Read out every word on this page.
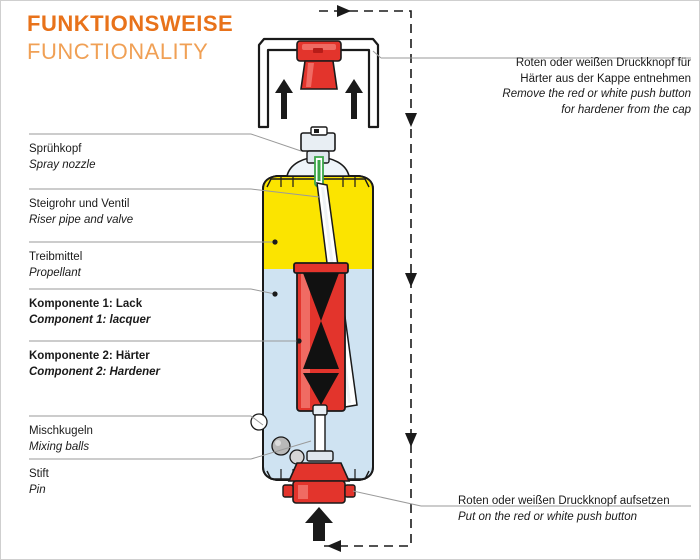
FUNKTIONSWEISE
FUNCTIONALITY
Sprühkopf
Spray nozzle
Steigrohr und Ventil
Riser pipe and valve
Treibmittel
Propellant
Komponente 1: Lack
Component 1: lacquer
Komponente 2: Härter
Component 2: Hardener
Mischkugeln
Mixing balls
Stift
Pin
Roten oder weißen Druckknopf für
Härter aus der Kappe entnehmen
Remove the red or white push button
for hardener from the cap
Roten oder weißen Druckknopf aufsetzen
Put on the red or white push button
